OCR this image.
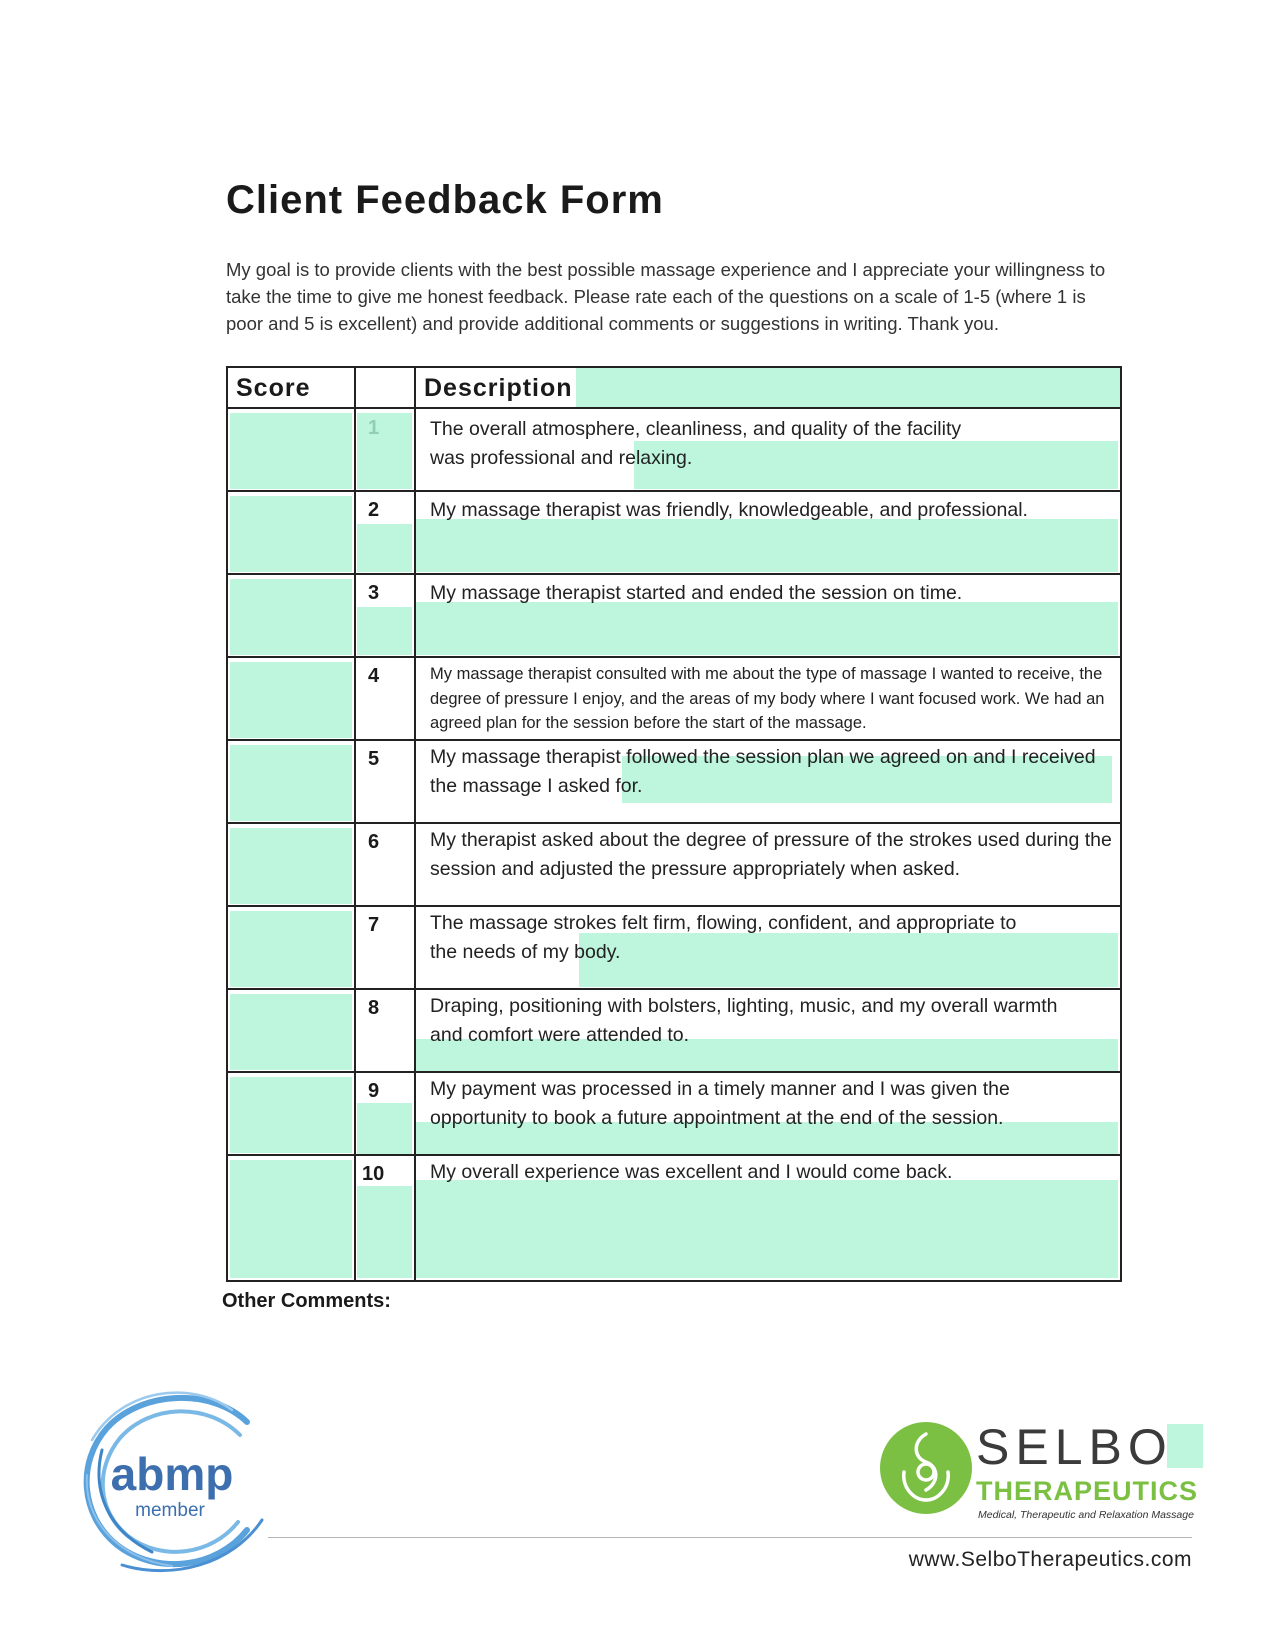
Client Feedback Form

My goal is to provide clients with the best possible massage experience and I appreciate your willingness to take the time to give me honest feedback. Please rate each of the questions on a scale of 1-5 (where 1 is poor and 5 is excellent) and provide additional comments or suggestions in writing. Thank you.

Score	Description
1	The overall atmosphere, cleanliness, and quality of the facility was professional and relaxing.
2	My massage therapist was friendly, knowledgeable, and professional.
3	My massage therapist started and ended the session on time.
4	My massage therapist consulted with me about the type of massage I wanted to receive, the degree of pressure I enjoy, and the areas of my body where I want focused work. We had an agreed plan for the session before the start of the massage.
5	My massage therapist followed the session plan we agreed on and I received the massage I asked for.
6	My therapist asked about the degree of pressure of the strokes used during the session and adjusted the pressure appropriately when asked.
7	The massage strokes felt firm, flowing, confident, and appropriate to the needs of my body.
8	Draping, positioning with bolsters, lighting, music, and my overall warmth and comfort were attended to.
9	My payment was processed in a timely manner and I was given the opportunity to book a future appointment at the end of the session.
10	My overall experience was excellent and I would come back.

Other Comments:

abmp
member
SELBO
THERAPEUTICS
Medical, Therapeutic and Relaxation Massage
www.SelboTherapeutics.com
